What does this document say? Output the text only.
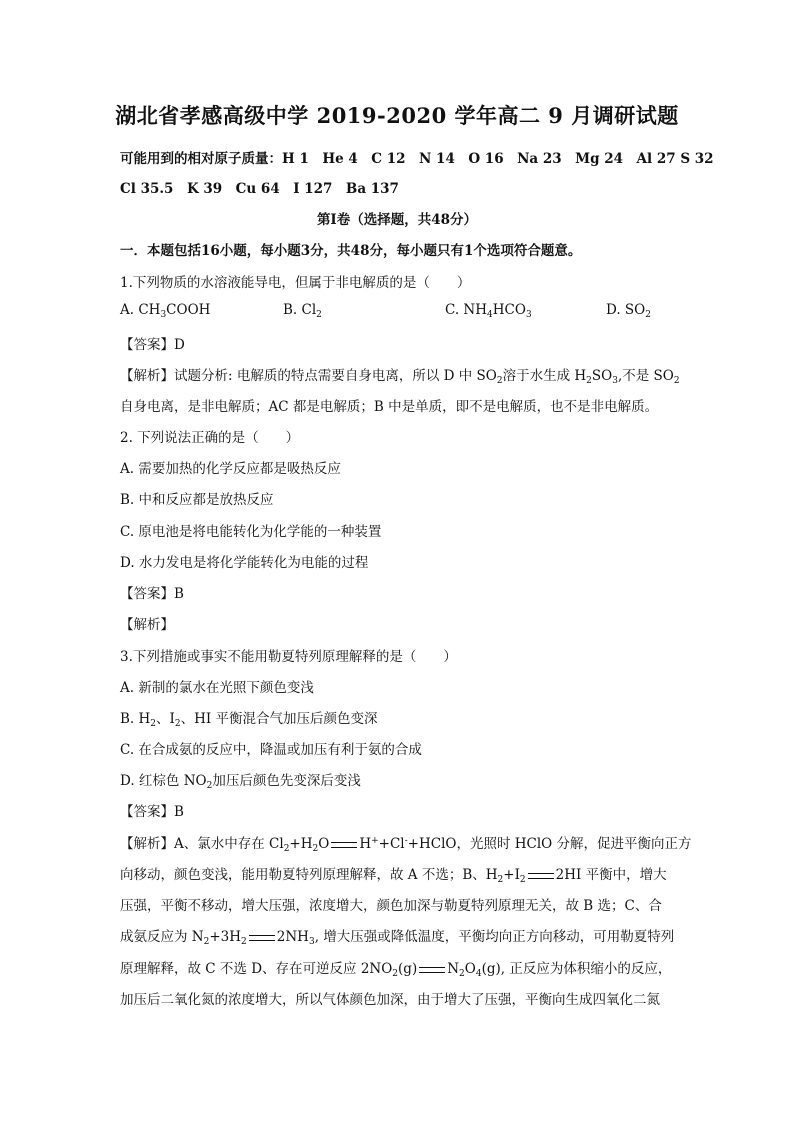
湖北省孝感高级中学 2019-2020 学年高二 9 月调研试题
可能用到的相对原子质量：H 1　He 4　C 12　N 14　O 16　Na 23　Mg 24　Al 27 S 32
Cl 35.5　K 39　Cu 64　I 127　Ba 137
第Ⅰ卷（选择题，共48分）
一．本题包括16小题，每小题3分，共48分，每小题只有1个选项符合题意。
1.下列物质的水溶液能导电，但属于非电解质的是（　　）
A. $CH_3COOH$	B. $Cl_2$	C. $NH_4HCO_3$	D. $SO_2$
【答案】D
【解析】试题分析: 电解质的特点需要自身电离，所以 D 中 $SO_2$溶于水生成 $H_2SO_3$,不是 $SO_2$
自身电离，是非电解质；AC 都是电解质；B 中是单质，即不是电解质，也不是非电解质。
2. 下列说法正确的是（　　）
A. 需要加热的化学反应都是吸热反应
B. 中和反应都是放热反应
C. 原电池是将电能转化为化学能的一种装置
D. 水力发电是将化学能转化为电能的过程
【答案】B
【解析】
3.下列措施或事实不能用勒夏特列原理解释的是（　　）
A. 新制的氯水在光照下颜色变浅
B. $H_2$、$I_2$、HI 平衡混合气加压后颜色变深
C. 在合成氨的反应中，降温或加压有利于氨的合成
D. 红棕色 $NO_2$加压后颜色先变深后变浅
【答案】B
【解析】A、氯水中存在 $Cl_2+H_2O$ H++Cl-+HClO，光照时 HClO 分解，促进平衡向正方
向移动，颜色变浅，能用勒夏特列原理解释，故 A 不选；B、$H_2+I_2$ 2HI 平衡中，增大
压强，平衡不移动，增大压强，浓度增大，颜色加深与勒夏特列原理无关，故 B 选；C、合
成氨反应为 $N_2+3H_2$ $2NH_3$, 增大压强或降低温度，平衡均向正方向移动，可用勒夏特列
原理解释，故 C 不选 D、存在可逆反应 $2NO_2(g)$ $N_2O_4(g)$, 正反应为体积缩小的反应，
加压后二氧化氮的浓度增大，所以气体颜色加深，由于增大了压强，平衡向生成四氧化二氮
